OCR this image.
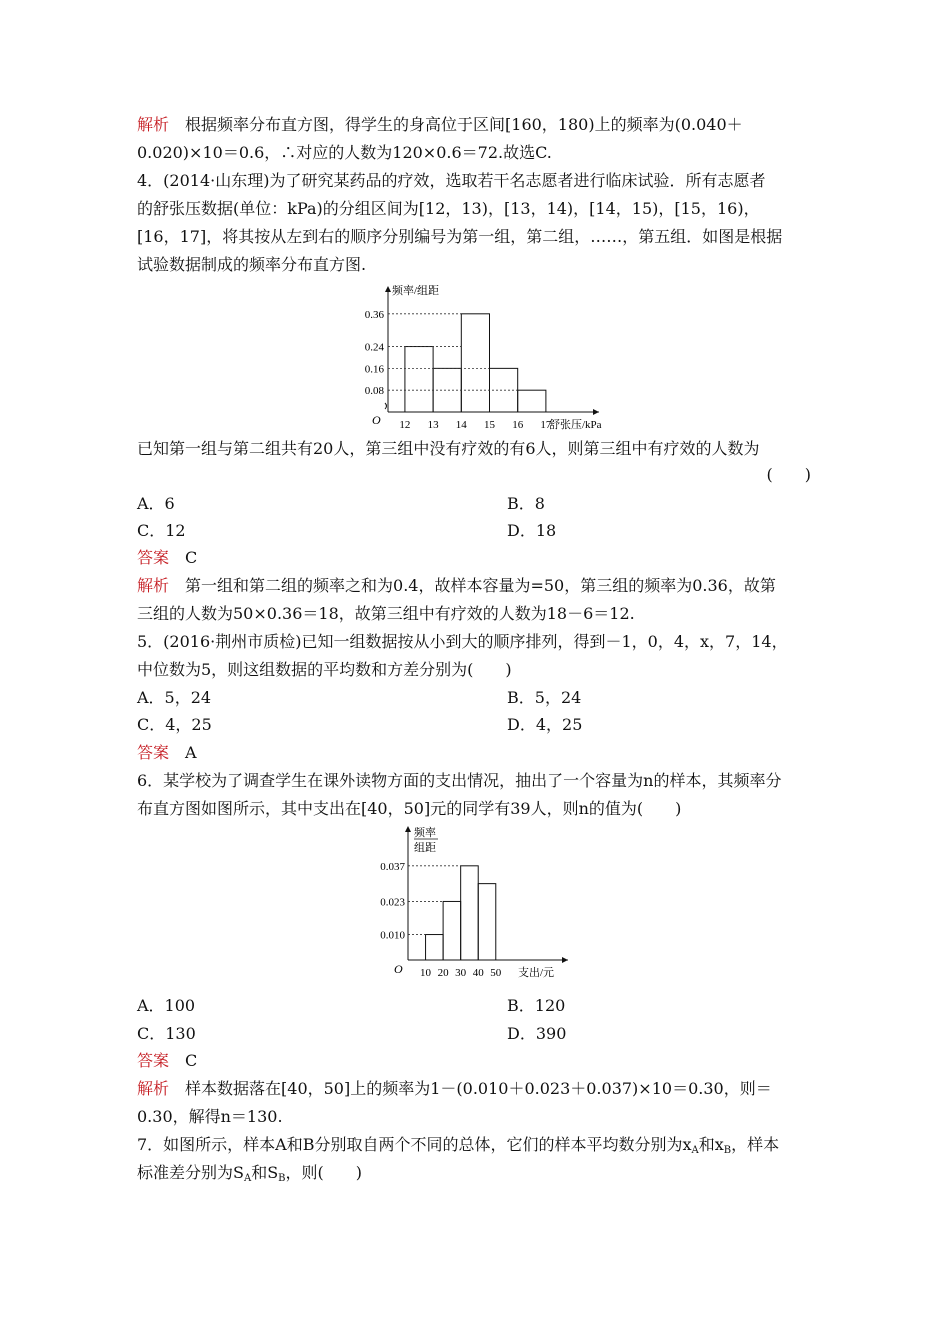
解析 根据频率分布直方图，得学生的身高位于区间[160，180)上的频率为(0.040＋
0.020)×10＝0.6，∴对应的人数为120×0.6＝72.故选C.
4．(2014·山东理)为了研究某药品的疗效，选取若干名志愿者进行临床试验．所有志愿者
的舒张压数据(单位：kPa)的分组区间为[12，13)，[13，14)，[14，15)，[15，16)，
[16，17]，将其按从左到右的顺序分别编号为第一组，第二组，……，第五组．如图是根据
试验数据制成的频率分布直方图.
频率/组距
舒张压/kPa
O
0.08
0.16
0.24
0.36
12 13 14 15 16 17
已知第一组与第二组共有20人，第三组中没有疗效的有6人，则第三组中有疗效的人数为
(　　)
A．6	B．8
C．12	D．18
答案 C
解析 第一组和第二组的频率之和为0.4，故样本容量为=50，第三组的频率为0.36，故第
三组的人数为50×0.36＝18，故第三组中有疗效的人数为18－6＝12.
5．(2016·荆州市质检)已知一组数据按从小到大的顺序排列，得到－1，0，4，x，7，14，
中位数为5，则这组数据的平均数和方差分别为(　　)
A．5，24	B．5，24
C．4，25	D．4，25
答案 A
6．某学校为了调查学生在课外读物方面的支出情况，抽出了一个容量为n的样本，其频率分
布直方图如图所示，其中支出在[40，50]元的同学有39人，则n的值为(　　)
频率
组距
支出/元
O
0.010
0.023
0.037
10 20 30 40 50
A．100	B．120
C．130	D．390
答案 C
解析 样本数据落在[40，50]上的频率为1－(0.010＋0.023＋0.037)×10＝0.30，则＝
0.30，解得n＝130.
7．如图所示，样本A和B分别取自两个不同的总体，它们的样本平均数分别为$x_A$和$x_B$，样本
标准差分别为$S_A$和$S_B$，则(　　)
